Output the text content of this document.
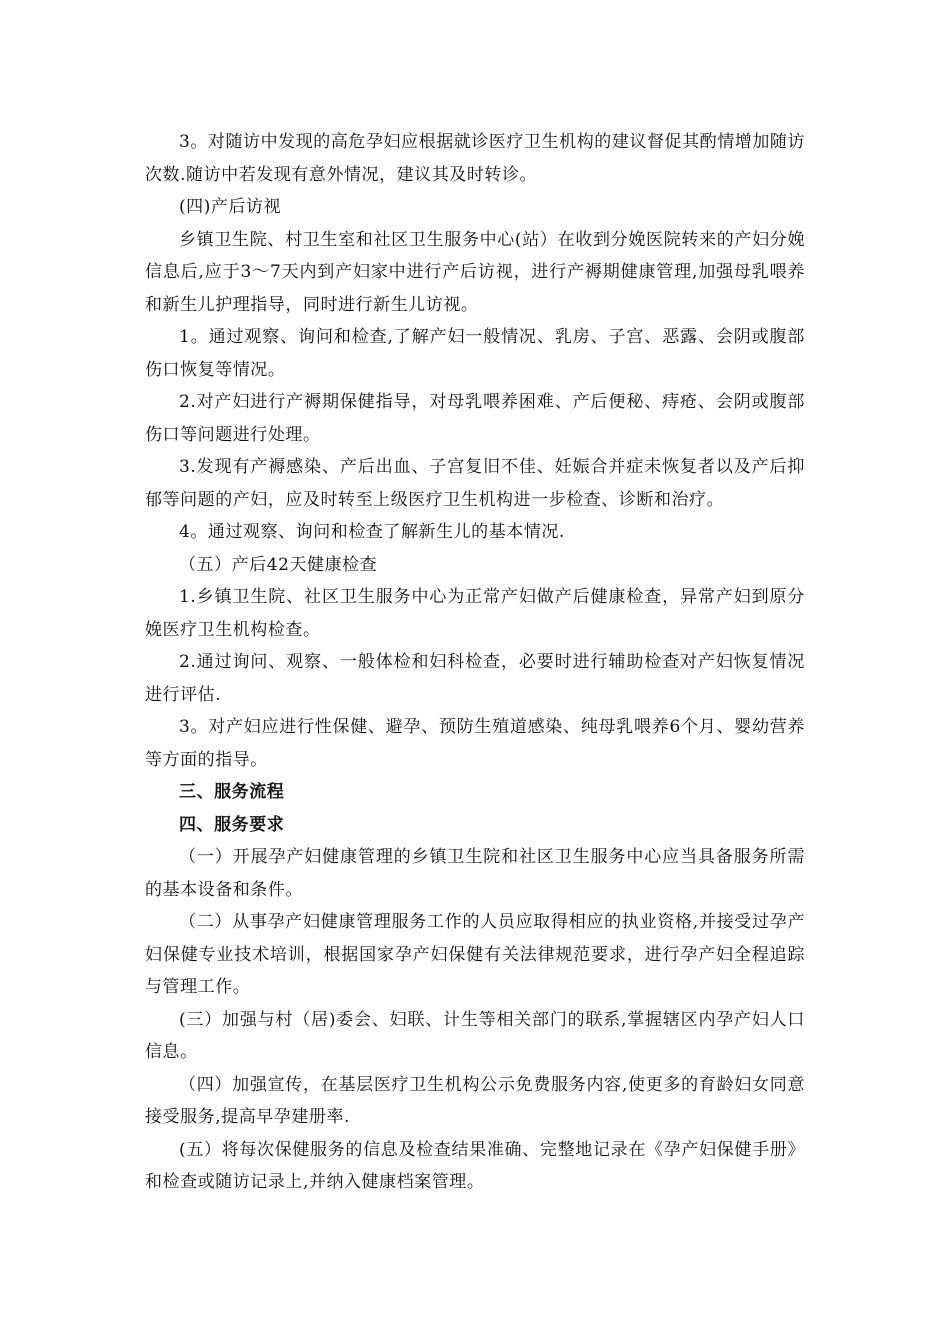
3。对随访中发现的高危孕妇应根据就诊医疗卫生机构的建议督促其酌情增加随访次数.随访中若发现有意外情况，建议其及时转诊。

(四)产后访视

乡镇卫生院、村卫生室和社区卫生服务中心(站）在收到分娩医院转来的产妇分娩信息后,应于3～7天内到产妇家中进行产后访视，进行产褥期健康管理,加强母乳喂养和新生儿护理指导，同时进行新生儿访视。

1。通过观察、询问和检查,了解产妇一般情况、乳房、子宫、恶露、会阴或腹部伤口恢复等情况。

2.对产妇进行产褥期保健指导，对母乳喂养困难、产后便秘、痔疮、会阴或腹部伤口等问题进行处理。

3.发现有产褥感染、产后出血、子宫复旧不佳、妊娠合并症未恢复者以及产后抑郁等问题的产妇，应及时转至上级医疗卫生机构进一步检查、诊断和治疗。

4。通过观察、询问和检查了解新生儿的基本情况.

（五）产后42天健康检查

1.乡镇卫生院、社区卫生服务中心为正常产妇做产后健康检查，异常产妇到原分娩医疗卫生机构检查。

2.通过询问、观察、一般体检和妇科检查，必要时进行辅助检查对产妇恢复情况进行评估.

3。对产妇应进行性保健、避孕、预防生殖道感染、纯母乳喂养6个月、婴幼营养等方面的指导。

三、服务流程

四、服务要求

（一）开展孕产妇健康管理的乡镇卫生院和社区卫生服务中心应当具备服务所需的基本设备和条件。

（二）从事孕产妇健康管理服务工作的人员应取得相应的执业资格,并接受过孕产妇保健专业技术培训，根据国家孕产妇保健有关法律规范要求，进行孕产妇全程追踪与管理工作。

(三）加强与村（居)委会、妇联、计生等相关部门的联系,掌握辖区内孕产妇人口信息。

（四）加强宣传，在基层医疗卫生机构公示免费服务内容,使更多的育龄妇女同意接受服务,提高早孕建册率.

(五）将每次保健服务的信息及检查结果准确、完整地记录在《孕产妇保健手册》和检查或随访记录上,并纳入健康档案管理。
